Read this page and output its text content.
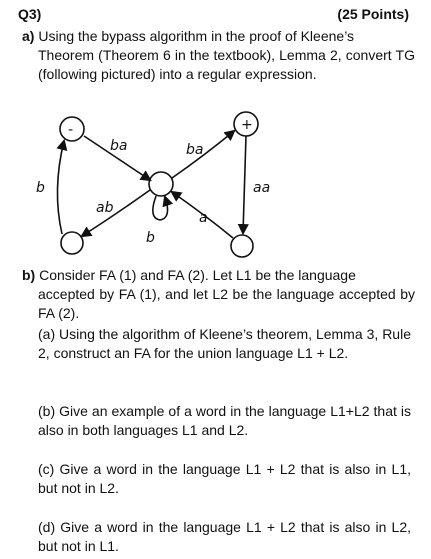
Q3)	(25 Points)
a) Using the bypass algorithm in the proof of Kleene’s
Theorem (Theorem 6 in the textbook), Lemma 2, convert TG (following pictured) into a regular expression.
-	+
ba	ba
b
ab
b
a
aa
b) Consider FA (1) and FA (2). Let L1 be the language
accepted by FA (1), and let L2 be the language accepted by FA (2).
(a) Using the algorithm of Kleene’s theorem, Lemma 3, Rule 2, construct an FA for the union language L1 + L2.
(b) Give an example of a word in the language L1+L2 that is also in both languages L1 and L2.
(c) Give a word in the language L1 + L2 that is also in L1, but not in L2.
(d) Give a word in the language L1 + L2 that is also in L2, but not in L1.
